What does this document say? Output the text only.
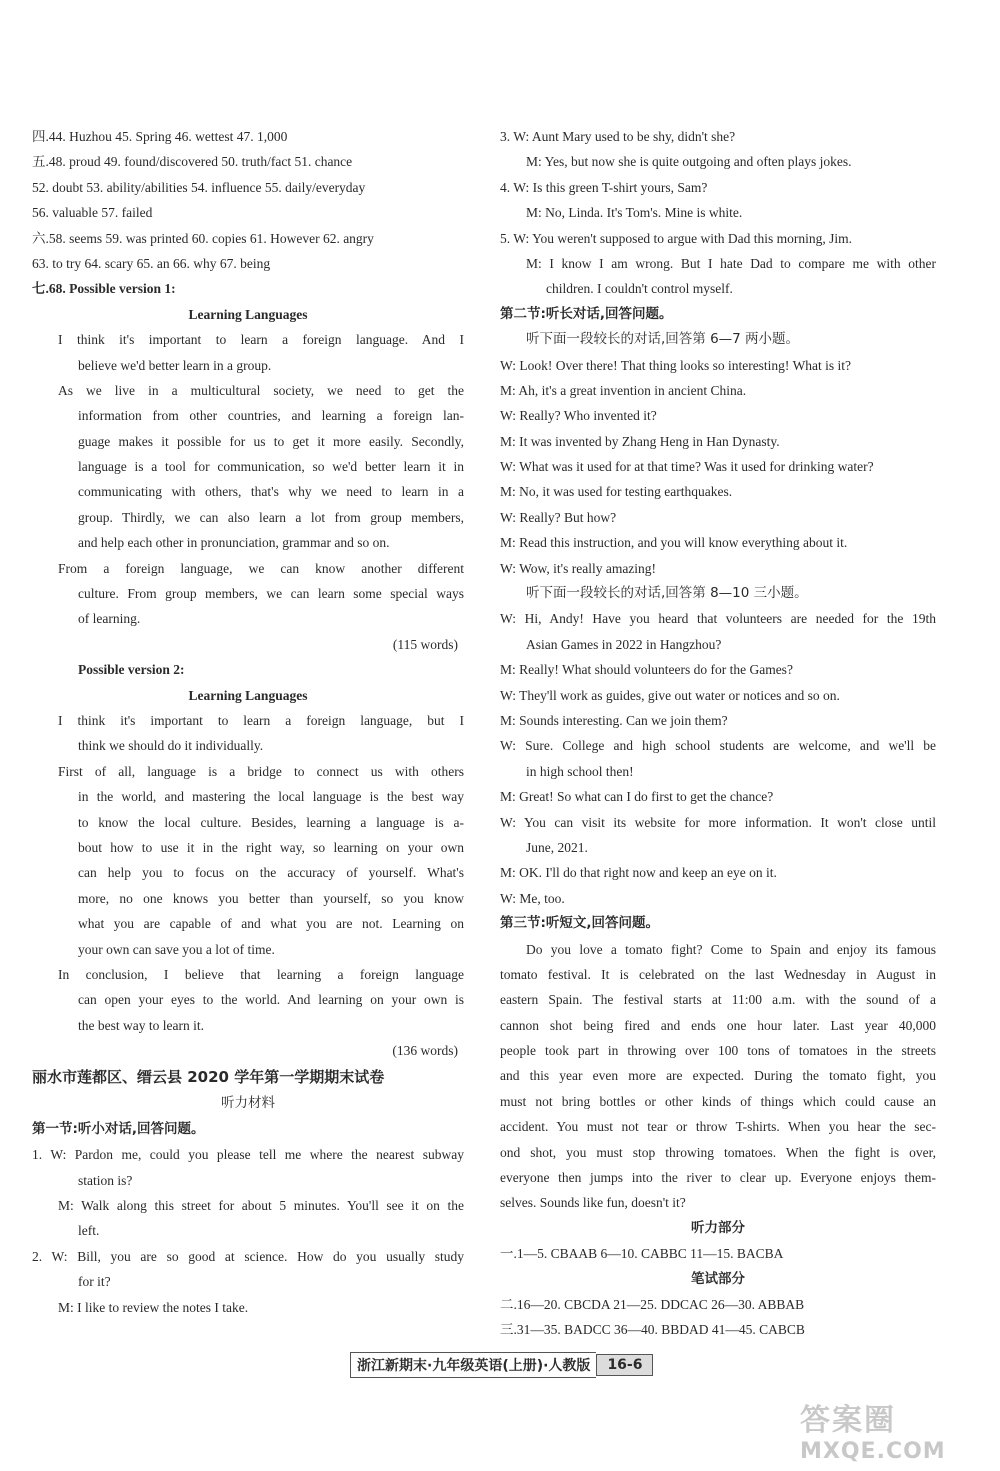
四.44. Huzhou 45. Spring 46. wettest 47. 1,000
五.48. proud 49. found/discovered 50. truth/fact 51. chance
52. doubt 53. ability/abilities 54. influence 55. daily/everyday
56. valuable 57. failed
六.58. seems 59. was printed 60. copies 61. However 62. angry
63. to try 64. scary 65. an 66. why 67. being
七.68. Possible version 1:
Learning Languages
I think it's important to learn a foreign language. And I
believe we'd better learn in a group.
As we live in a multicultural society, we need to get the
information from other countries, and learning a foreign lan-
guage makes it possible for us to get it more easily. Secondly,
language is a tool for communication, so we'd better learn it in
communicating with others, that's why we need to learn in a
group. Thirdly, we can also learn a lot from group members,
and help each other in pronunciation, grammar and so on.
From a foreign language, we can know another different
culture. From group members, we can learn some special ways
of learning.
(115 words)
Possible version 2:
Learning Languages
I think it's important to learn a foreign language, but I
think we should do it individually.
First of all, language is a bridge to connect us with others
in the world, and mastering the local language is the best way
to know the local culture. Besides, learning a language is a-
bout how to use it in the right way, so learning on your own
can help you to focus on the accuracy of yourself. What's
more, no one knows you better than yourself, so you know
what you are capable of and what you are not. Learning on
your own can save you a lot of time.
In conclusion, I believe that learning a foreign language
can open your eyes to the world. And learning on your own is
the best way to learn it.
(136 words)
丽水市莲都区、缙云县 2020 学年第一学期期末试卷
听力材料
第一节:听小对话,回答问题。
1. W: Pardon me, could you please tell me where the nearest subway
station is?
M: Walk along this street for about 5 minutes. You'll see it on the
left.
2. W: Bill, you are so good at science. How do you usually study
for it?
M: I like to review the notes I take.
3. W: Aunt Mary used to be shy, didn't she?
M: Yes, but now she is quite outgoing and often plays jokes.
4. W: Is this green T-shirt yours, Sam?
M: No, Linda. It's Tom's. Mine is white.
5. W: You weren't supposed to argue with Dad this morning, Jim.
M: I know I am wrong. But I hate Dad to compare me with other
children. I couldn't control myself.
第二节:听长对话,回答问题。
听下面一段较长的对话,回答第 6—7 两小题。
W: Look! Over there! That thing looks so interesting! What is it?
M: Ah, it's a great invention in ancient China.
W: Really? Who invented it?
M: It was invented by Zhang Heng in Han Dynasty.
W: What was it used for at that time? Was it used for drinking water?
M: No, it was used for testing earthquakes.
W: Really? But how?
M: Read this instruction, and you will know everything about it.
W: Wow, it's really amazing!
听下面一段较长的对话,回答第 8—10 三小题。
W: Hi, Andy! Have you heard that volunteers are needed for the 19th
Asian Games in 2022 in Hangzhou?
M: Really! What should volunteers do for the Games?
W: They'll work as guides, give out water or notices and so on.
M: Sounds interesting. Can we join them?
W: Sure. College and high school students are welcome, and we'll be
in high school then!
M: Great! So what can I do first to get the chance?
W: You can visit its website for more information. It won't close until
June, 2021.
M: OK. I'll do that right now and keep an eye on it.
W: Me, too.
第三节:听短文,回答问题。
Do you love a tomato fight? Come to Spain and enjoy its famous
tomato festival. It is celebrated on the last Wednesday in August in
eastern Spain. The festival starts at 11:00 a.m. with the sound of a
cannon shot being fired and ends one hour later. Last year 40,000
people took part in throwing over 100 tons of tomatoes in the streets
and this year even more are expected. During the tomato fight, you
must not bring bottles or other kinds of things which could cause an
accident. You must not tear or throw T-shirts. When you hear the sec-
ond shot, you must stop throwing tomatoes. When the fight is over,
everyone then jumps into the river to clear up. Everyone enjoys them-
selves. Sounds like fun, doesn't it?
听力部分
一.1—5. CBAAB 6—10. CABBC 11—15. BACBA
笔试部分
二.16—20. CBCDA 21—25. DDCAC 26—30. ABBAB
三.31—35. BADCC 36—40. BBDAD 41—45. CABCB
浙江新期末·九年级英语(上册)·人教版	16-6
答案圈
MXQE.COM
